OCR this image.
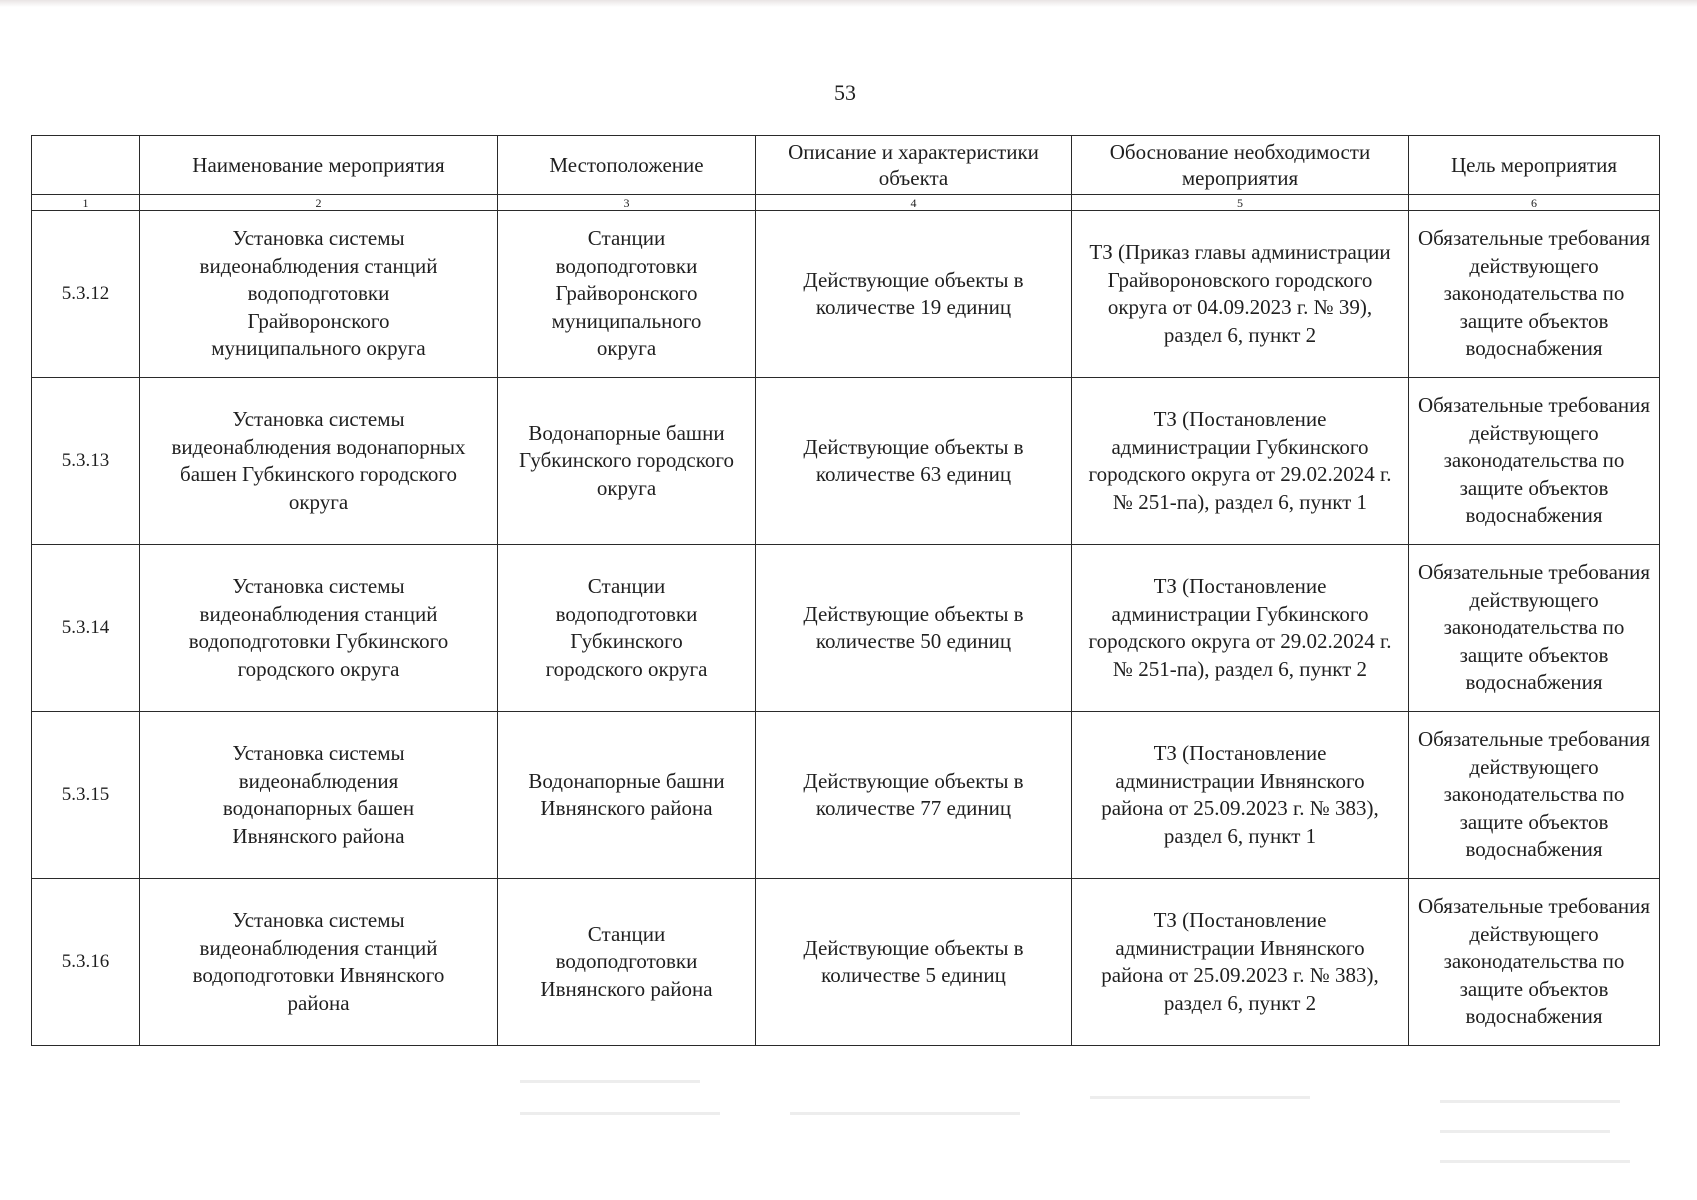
53
	Наименование мероприятия	Местоположение	Описание и характеристики объекта	Обоснование необходимости мероприятия	Цель мероприятия
1	2	3	4	5	6
5.3.12	Установка системы видеонаблюдения станций водоподготовки Грайворонского муниципального округа	Станции водоподготовки Грайворонского муниципального округа	Действующие объекты в количестве 19 единиц	ТЗ (Приказ главы администрации Грайвороновского городского округа от 04.09.2023 г. № 39), раздел 6, пункт 2	Обязательные требования действующего законодательства по защите объектов водоснабжения
5.3.13	Установка системы видеонаблюдения водонапорных башен Губкинского городского округа	Водонапорные башни Губкинского городского округа	Действующие объекты в количестве 63 единиц	ТЗ (Постановление администрации Губкинского городского округа от 29.02.2024 г. № 251-па), раздел 6, пункт 1	Обязательные требования действующего законодательства по защите объектов водоснабжения
5.3.14	Установка системы видеонаблюдения станций водоподготовки Губкинского городского округа	Станции водоподготовки Губкинского городского округа	Действующие объекты в количестве 50 единиц	ТЗ (Постановление администрации Губкинского городского округа от 29.02.2024 г. № 251-па), раздел 6, пункт 2	Обязательные требования действующего законодательства по защите объектов водоснабжения
5.3.15	Установка системы видеонаблюдения водонапорных башен Ивнянского района	Водонапорные башни Ивнянского района	Действующие объекты в количестве 77 единиц	ТЗ (Постановление администрации Ивнянского района от 25.09.2023 г. № 383), раздел 6, пункт 1	Обязательные требования действующего законодательства по защите объектов водоснабжения
5.3.16	Установка системы видеонаблюдения станций водоподготовки Ивнянского района	Станции водоподготовки Ивнянского района	Действующие объекты в количестве 5 единиц	ТЗ (Постановление администрации Ивнянского района от 25.09.2023 г. № 383), раздел 6, пункт 2	Обязательные требования действующего законодательства по защите объектов водоснабжения
